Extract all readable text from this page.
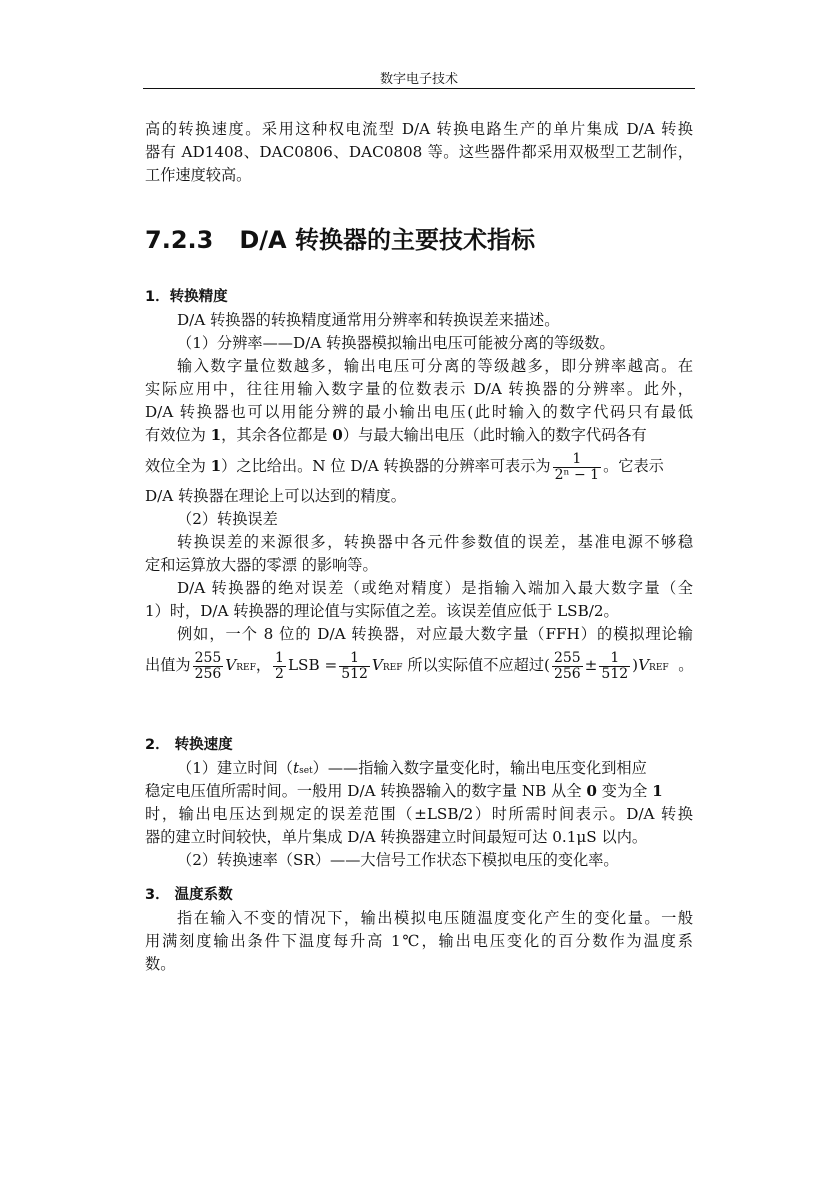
数字电子技术
高的转换速度。采用这种权电流型 D/A 转换电路生产的单片集成 D/A 转换
器有 AD1408、DAC0806、DAC0808 等。这些器件都采用双极型工艺制作，
工作速度较高。
7.2.3 D/A 转换器的主要技术指标
1．转换精度
D/A 转换器的转换精度通常用分辨率和转换误差来描述。
（1）分辨率——D/A 转换器模拟输出电压可能被分离的等级数。
输入数字量位数越多，输出电压可分离的等级越多，即分辨率越高。在
实际应用中，往往用输入数字量的位数表示 D/A 转换器的分辨率。此外，
D/A 转换器也可以用能分辨的最小输出电压(此时输入的数字代码只有最低
有效位为 1，其余各位都是 0）与最大输出电压（此时输入的数字代码各有
效位全为 1）之比给出。N 位 D/A 转换器的分辨率可表示为 $\frac{1}{\text{2ⁿ − 1}}$ 。它表示
D/A 转换器在理论上可以达到的精度。
（2）转换误差
转换误差的来源很多，转换器中各元件参数值的误差，基准电源不够稳
定和运算放大器的零漂 的影响等。
D/A 转换器的绝对误差（或绝对精度）是指输入端加入最大数字量（全
1）时，D/A 转换器的理论值与实际值之差。该误差值应低于 LSB/2。
例如，一个 8 位的 D/A 转换器，对应最大数字量（FFH）的模拟理论输
出值为 $\frac{255}{256}$ VREF， $\frac{1}{2}$ LSB = $\frac{1}{512}$ VREF 所以实际值不应超过( $\frac{255}{256} \pm \frac{1}{512}$ )VREF 。
2． 转换速度
（1）建立时间（tset）——指输入数字量变化时，输出电压变化到相应
稳定电压值所需时间。一般用 D/A 转换器输入的数字量 NB 从全 0 变为全 1
时，输出电压达到规定的误差范围（±LSB/2）时所需时间表示。D/A 转换
器的建立时间较快，单片集成 D/A 转换器建立时间最短可达 0.1μS 以内。
（2）转换速率（SR）——大信号工作状态下模拟电压的变化率。
3． 温度系数
指在输入不变的情况下，输出模拟电压随温度变化产生的变化量。一般
用满刻度输出条件下温度每升高 1℃，输出电压变化的百分数作为温度系
数。
